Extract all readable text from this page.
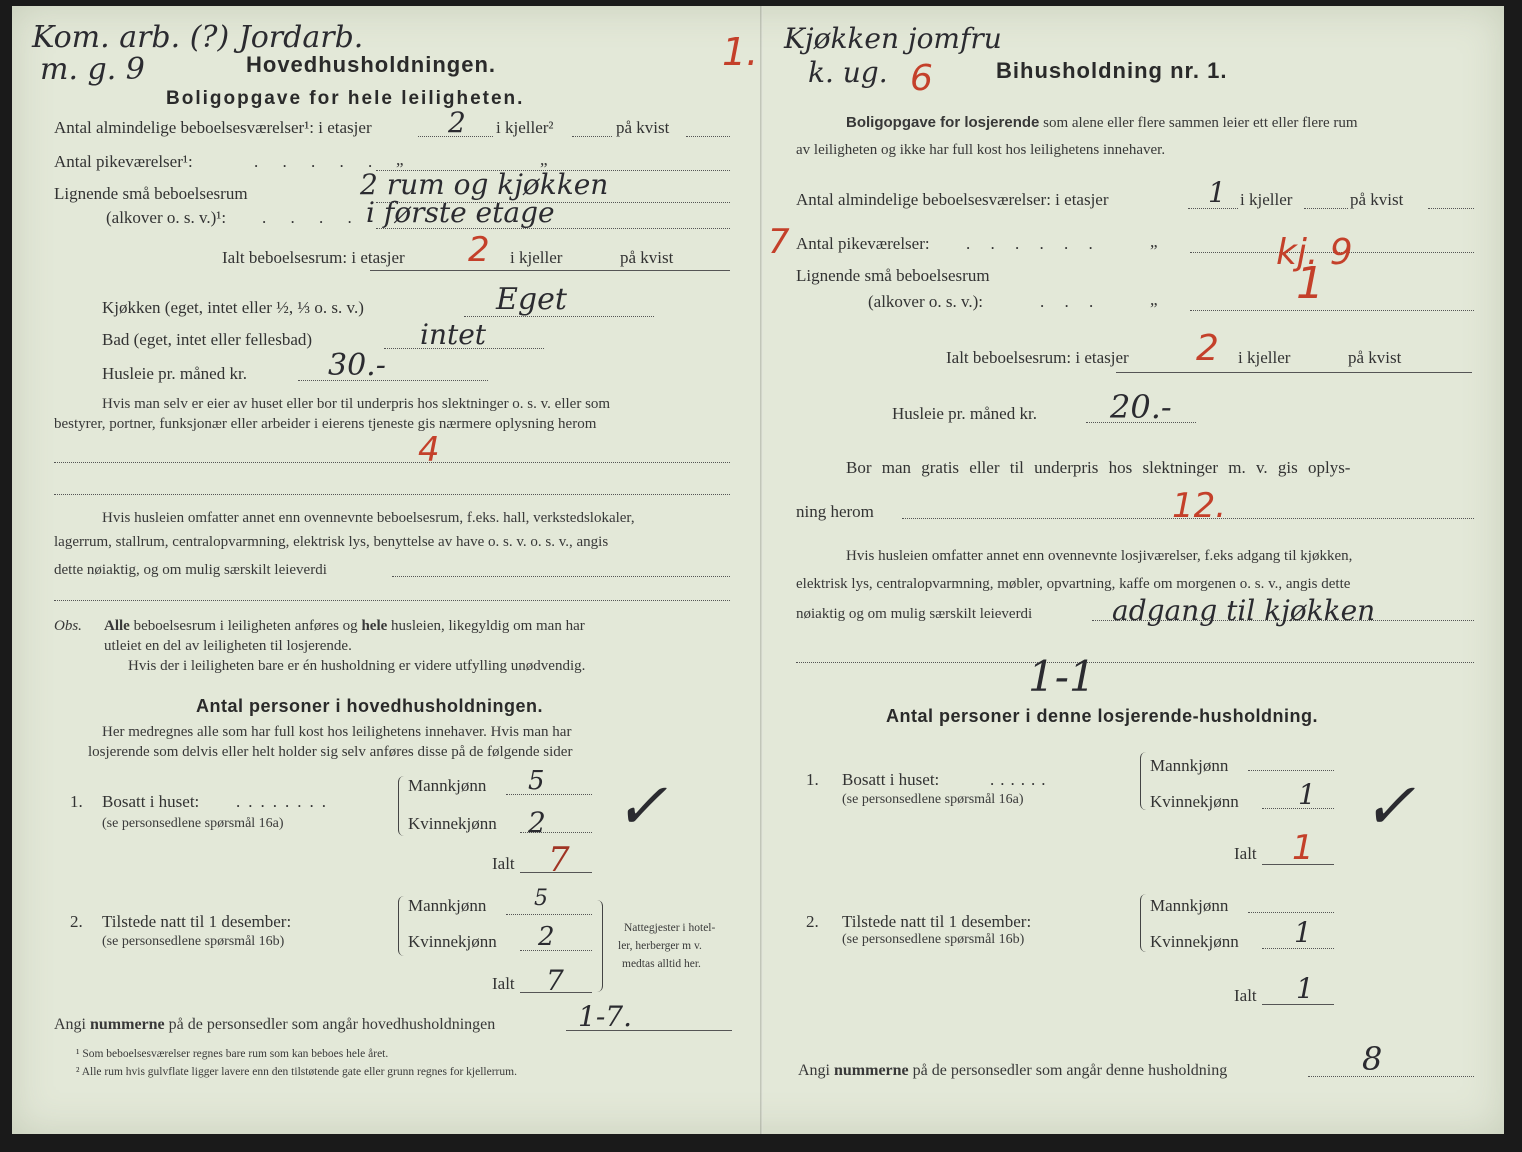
Kom. arb. (?) Jordarb.
m. g. 9	1.
Hovedhusholdningen.
Boligopgave for hele leiligheten.
Antal almindelige beboelsesværelser¹: i etasjer	2 i kjeller²	på kvist
Antal pikeværelser¹:	. . . . . „	„
Lignende små beboelsesrum
(alkover o. s. v.)¹: . . . .
2 rum og kjøkken
i første etage
Ialt beboelsesrum: i etasjer 2 i kjeller	på kvist
Kjøkken (eget, intet eller ½, ⅓ o. s. v.)	Eget
Bad (eget, intet eller fellesbad)	intet
Husleie pr. måned kr.	30.-
Hvis man selv er eier av huset eller bor til underpris hos slektninger o. s. v. eller som
bestyrer, portner, funksjonær eller arbeider i eierens tjeneste gis nærmere oplysning herom
4
Hvis husleien omfatter annet enn ovennevnte beboelsesrum, f.eks. hall, verkstedslokaler,
lagerrum, stallrum, centralopvarmning, elektrisk lys, benyttelse av have o. s. v. o. s. v., angis
dette nøiaktig, og om mulig særskilt leieverdi
Obs. Alle beboelsesrum i leiligheten anføres og hele husleien, likegyldig om man har
utleiet en del av leiligheten til losjerende.
Hvis der i leiligheten bare er én husholdning er videre utfylling unødvendig.
Antal personer i hovedhusholdningen.
Her medregnes alle som har full kost hos leilighetens innehaver. Hvis man har
losjerende som delvis eller helt holder sig selv anføres disse på de følgende sider
1. Bosatt i huset: ........
(se personsedlene spørsmål 16a)
Mannkjønn 5
Kvinnekjønn 2
Ialt 7
✓
2. Tilstede natt til 1 desember:
(se personsedlene spørsmål 16b)
Mannkjønn 5
Kvinnekjønn 2
Ialt 7
Nattegjester i hotel-
ler, herberger m v.
medtas alltid her.
Angi nummerne på de personsedler som angår hovedhusholdningen	1-7.
¹ Som beboelsesværelser regnes bare rum som kan beboes hele året.
² Alle rum hvis gulvflate ligger lavere enn den tilstøtende gate eller grunn regnes for kjellerrum.
Kjøkken jomfru
k. ug. 6	Bihusholdning nr. 1.
Boligopgave for losjerende som alene eller flere sammen leier ett eller flere rum
av leiligheten og ikke har full kost hos leilighetens innehaver.
Antal almindelige beboelsesværelser: i etasjer	1 i kjeller	på kvist
7 Antal pikeværelser: . . . . . .	„	kj. 9
Lignende små beboelsesrum
(alkover o. s. v.):	. . .	„	1
Ialt beboelsesrum: i etasjer 2 i kjeller	på kvist
Husleie pr. måned kr. 20.-
Bor man gratis eller til underpris hos slektninger m. v. gis oplys-
ning herom	12.
Hvis husleien omfatter annet enn ovennevnte losjiværelser, f.eks adgang til kjøkken,
elektrisk lys, centralopvarmning, møbler, opvartning, kaffe om morgenen o. s. v., angis dette
nøiaktig og om mulig særskilt leieverdi	adgang til kjøkken
1-1
Antal personer i denne losjerende-husholdning.
1. Bosatt i huset:	......
(se personsedlene spørsmål 16a)
Mannkjønn
Kvinnekjønn 1
Ialt 1
✓
2. Tilstede natt til 1 desember:
(se personsedlene spørsmål 16b)
Mannkjønn
Kvinnekjønn 1
Ialt 1
Angi nummerne på de personsedler som angår denne husholdning	8
